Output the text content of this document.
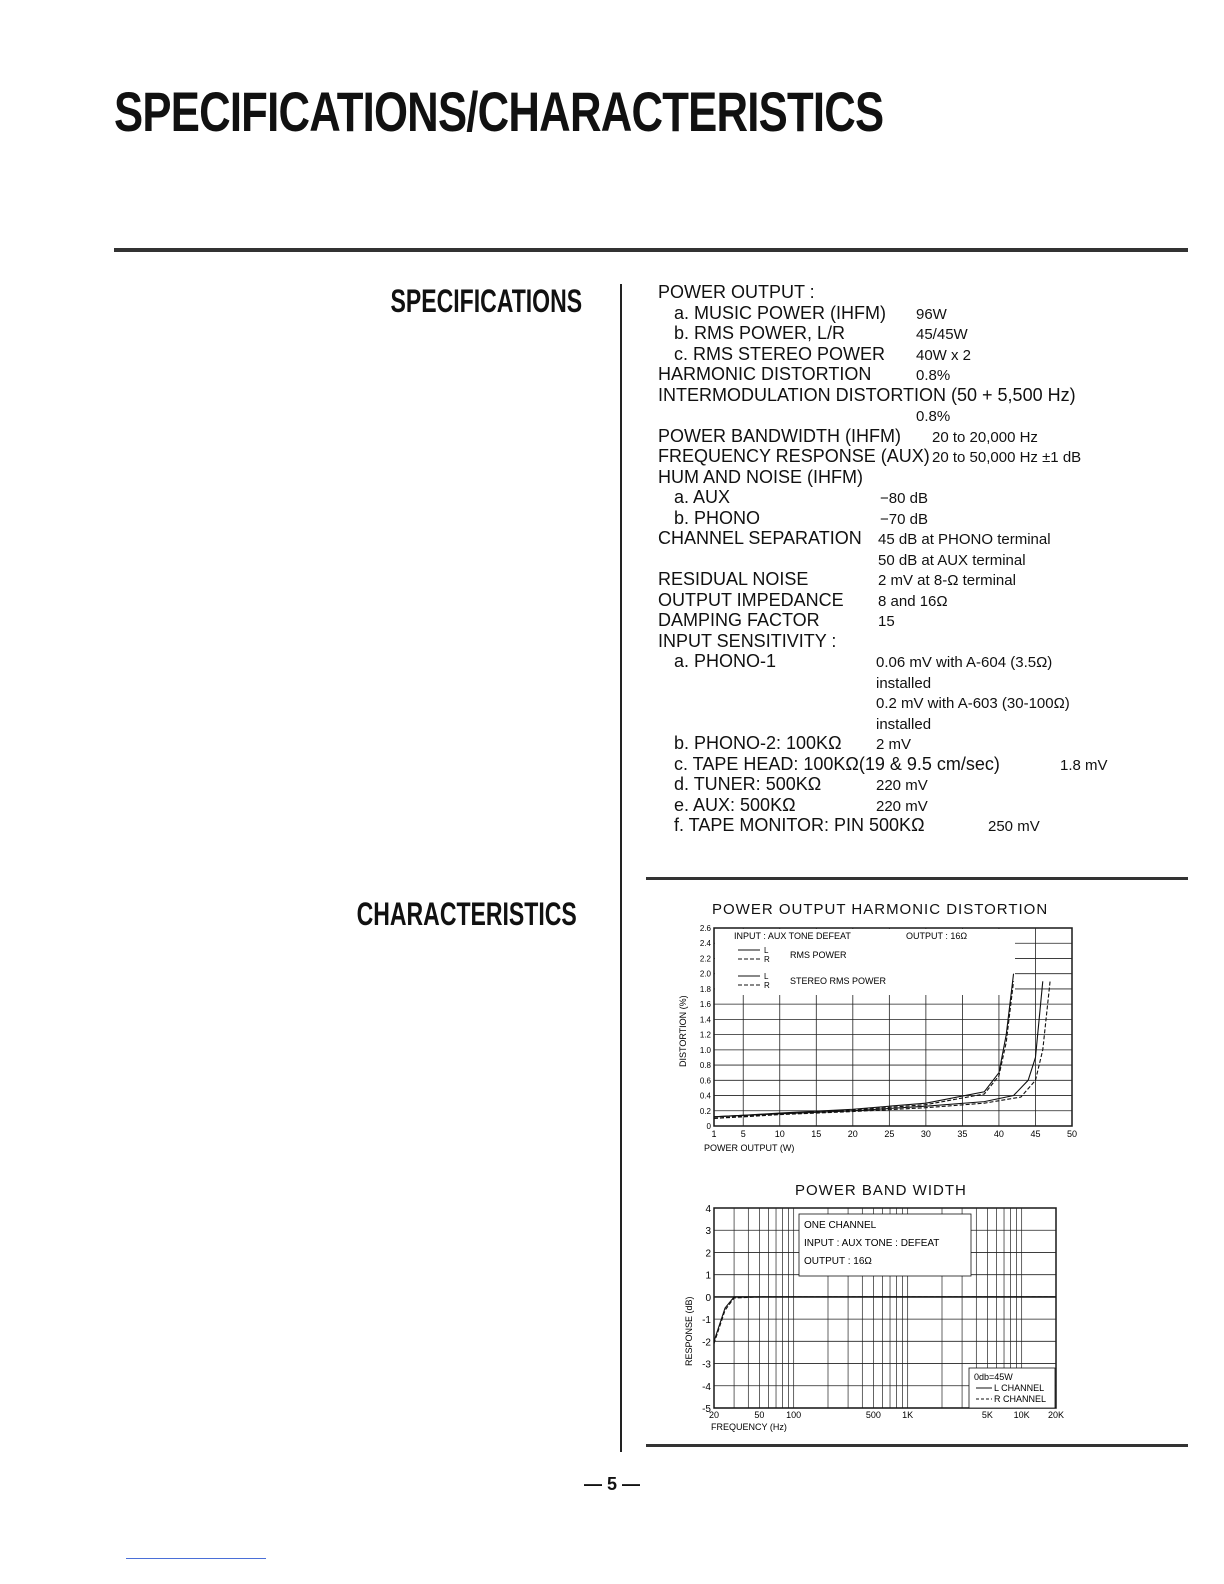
SPECIFICATIONS/CHARACTERISTICS
SPECIFICATIONS
CHARACTERISTICS
POWER OUTPUT :
a. MUSIC POWER (IHFM) 96W
b. RMS POWER, L/R	45/45W
c. RMS STEREO POWER 40W x 2
HARMONIC DISTORTION	0.8%
INTERMODULATION DISTORTION (50 + 5,500 Hz)
0.8%
POWER BANDWIDTH (IHFM) 20 to 20,000 Hz
FREQUENCY RESPONSE (AUX) 20 to 50,000 Hz ±1 dB
HUM AND NOISE (IHFM)
a. AUX	−80 dB
b. PHONO	−70 dB
CHANNEL SEPARATION 45 dB at PHONO terminal
50 dB at AUX terminal
RESIDUAL NOISE	2 mV at 8-Ω terminal
OUTPUT IMPEDANCE 8 and 16Ω
DAMPING FACTOR	15
INPUT SENSITIVITY :
a. PHONO-1	0.06 mV with A-604 (3.5Ω)
installed
0.2 mV with A-603 (30-100Ω)
installed
b. PHONO-2: 100KΩ 2 mV
c. TAPE HEAD: 100KΩ(19 & 9.5 cm/sec)	1.8 mV
d. TUNER: 500KΩ	220 mV
e. AUX: 500KΩ	220 mV
f. TAPE MONITOR: PIN 500KΩ	250 mV
POWER OUTPUT HARMONIC DISTORTION
0
0.2
0.4
0.6
0.8
1.0
1.2
1.4
1.6
1.8
2.0
2.2
2.4
2.6
1	5	10	15	20	25	30	35	40	45	50
POWER OUTPUT (W)
DISTORTION (%)
INPUT : AUX TONE DEFEAT	OUTPUT : 16Ω
L
R RMS POWER
L
R STEREO RMS POWER
POWER BAND WIDTH
4
3
2
1
0
-1
-2
-3
-4
-5
20	50 100	500 1K	5K 10K 20K
FREQUENCY (Hz)
RESPONSE (dB)
ONE CHANNEL
INPUT : AUX TONE : DEFEAT
OUTPUT : 16Ω
0db=45W
L CHANNEL
R CHANNEL
— 5 —
